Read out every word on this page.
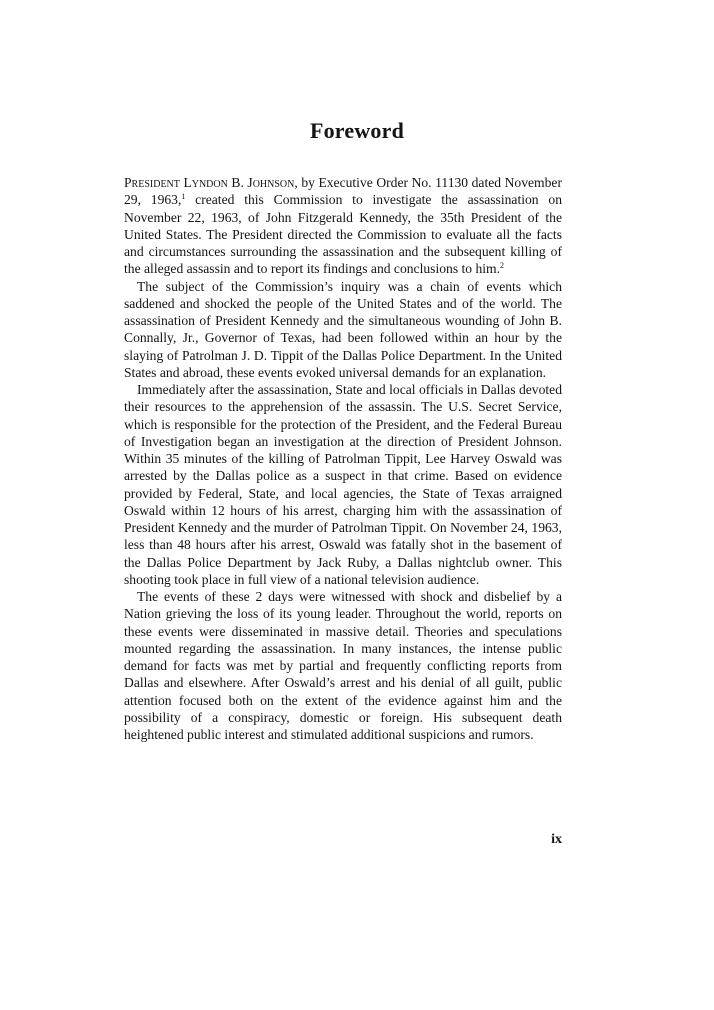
Foreword

President Lyndon B. Johnson, by Executive Order No. 11130 dated November 29, 1963,$^1$ created this Commission to investigate the assassination on November 22, 1963, of John Fitzgerald Kennedy, the 35th President of the United States. The President directed the Commission to evaluate all the facts and circumstances surrounding the assassination and the subsequent killing of the alleged assassin and to report its findings and conclusions to him.$^2$

The subject of the Commission’s inquiry was a chain of events which saddened and shocked the people of the United States and of the world. The assassination of President Kennedy and the simultaneous wounding of John B. Connally, Jr., Governor of Texas, had been followed within an hour by the slaying of Patrolman J. D. Tippit of the Dallas Police Department. In the United States and abroad, these events evoked universal demands for an explanation.

Immediately after the assassination, State and local officials in Dallas devoted their resources to the apprehension of the assassin. The U.S. Secret Service, which is responsible for the protection of the President, and the Federal Bureau of Investigation began an investigation at the direction of President Johnson. Within 35 minutes of the killing of Patrolman Tippit, Lee Harvey Oswald was arrested by the Dallas police as a suspect in that crime. Based on evidence provided by Federal, State, and local agencies, the State of Texas arraigned Oswald within 12 hours of his arrest, charging him with the assassination of President Kennedy and the murder of Patrolman Tippit. On November 24, 1963, less than 48 hours after his arrest, Oswald was fatally shot in the basement of the Dallas Police Department by Jack Ruby, a Dallas nightclub owner. This shooting took place in full view of a national television audience.

The events of these 2 days were witnessed with shock and disbelief by a Nation grieving the loss of its young leader. Throughout the world, reports on these events were disseminated in massive detail. Theories and speculations mounted regarding the assassination. In many instances, the intense public demand for facts was met by partial and frequently conflicting reports from Dallas and elsewhere. After Oswald’s arrest and his denial of all guilt, public attention focused both on the extent of the evidence against him and the possibility of a conspiracy, domestic or foreign. His subsequent death heightened public interest and stimulated additional suspicions and rumors.

ix
